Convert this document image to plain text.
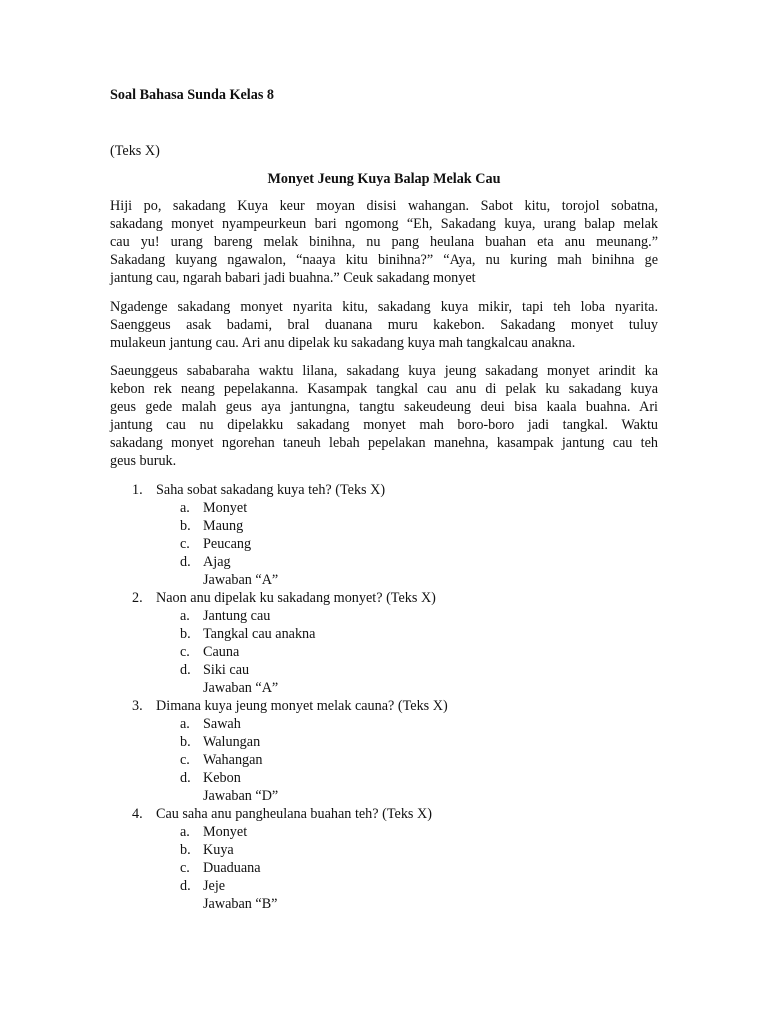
Soal Bahasa Sunda Kelas 8
(Teks X)
Monyet Jeung Kuya Balap Melak Cau
Hiji po, sakadang Kuya keur moyan disisi wahangan. Sabot kitu, torojol sobatna,
sakadang monyet nyampeurkeun bari ngomong “Eh, Sakadang kuya, urang balap melak
cau yu! urang bareng melak binihna, nu pang heulana buahan eta anu meunang.”
Sakadang kuyang ngawalon, “naaya kitu binihna?” “Aya, nu kuring mah binihna ge
jantung cau, ngarah babari jadi buahna.” Ceuk sakadang monyet
Ngadenge sakadang monyet nyarita kitu, sakadang kuya mikir, tapi teh loba nyarita.
Saenggeus asak badami, bral duanana muru kakebon. Sakadang monyet tuluy
mulakeun jantung cau. Ari anu dipelak ku sakadang kuya mah tangkalcau anakna.
Saeunggeus sababaraha waktu lilana, sakadang kuya jeung sakadang monyet arindit ka
kebon rek neang pepelakanna. Kasampak tangkal cau anu di pelak ku sakadang kuya
geus gede malah geus aya jantungna, tangtu sakeudeung deui bisa kaala buahna. Ari
jantung cau nu dipelakku sakadang monyet mah boro-boro jadi tangkal. Waktu
sakadang monyet ngorehan taneuh lebah pepelakan manehna, kasampak jantung cau teh
geus buruk.
1. Saha sobat sakadang kuya teh? (Teks X)
a. Monyet
b. Maung
c. Peucang
d. Ajag
Jawaban “A”
2. Naon anu dipelak ku sakadang monyet? (Teks X)
a. Jantung cau
b. Tangkal cau anakna
c. Cauna
d. Siki cau
Jawaban “A”
3. Dimana kuya jeung monyet melak cauna? (Teks X)
a. Sawah
b. Walungan
c. Wahangan
d. Kebon
Jawaban “D”
4. Cau saha anu pangheulana buahan teh? (Teks X)
a. Monyet
b. Kuya
c. Duaduana
d. Jeje
Jawaban “B”
